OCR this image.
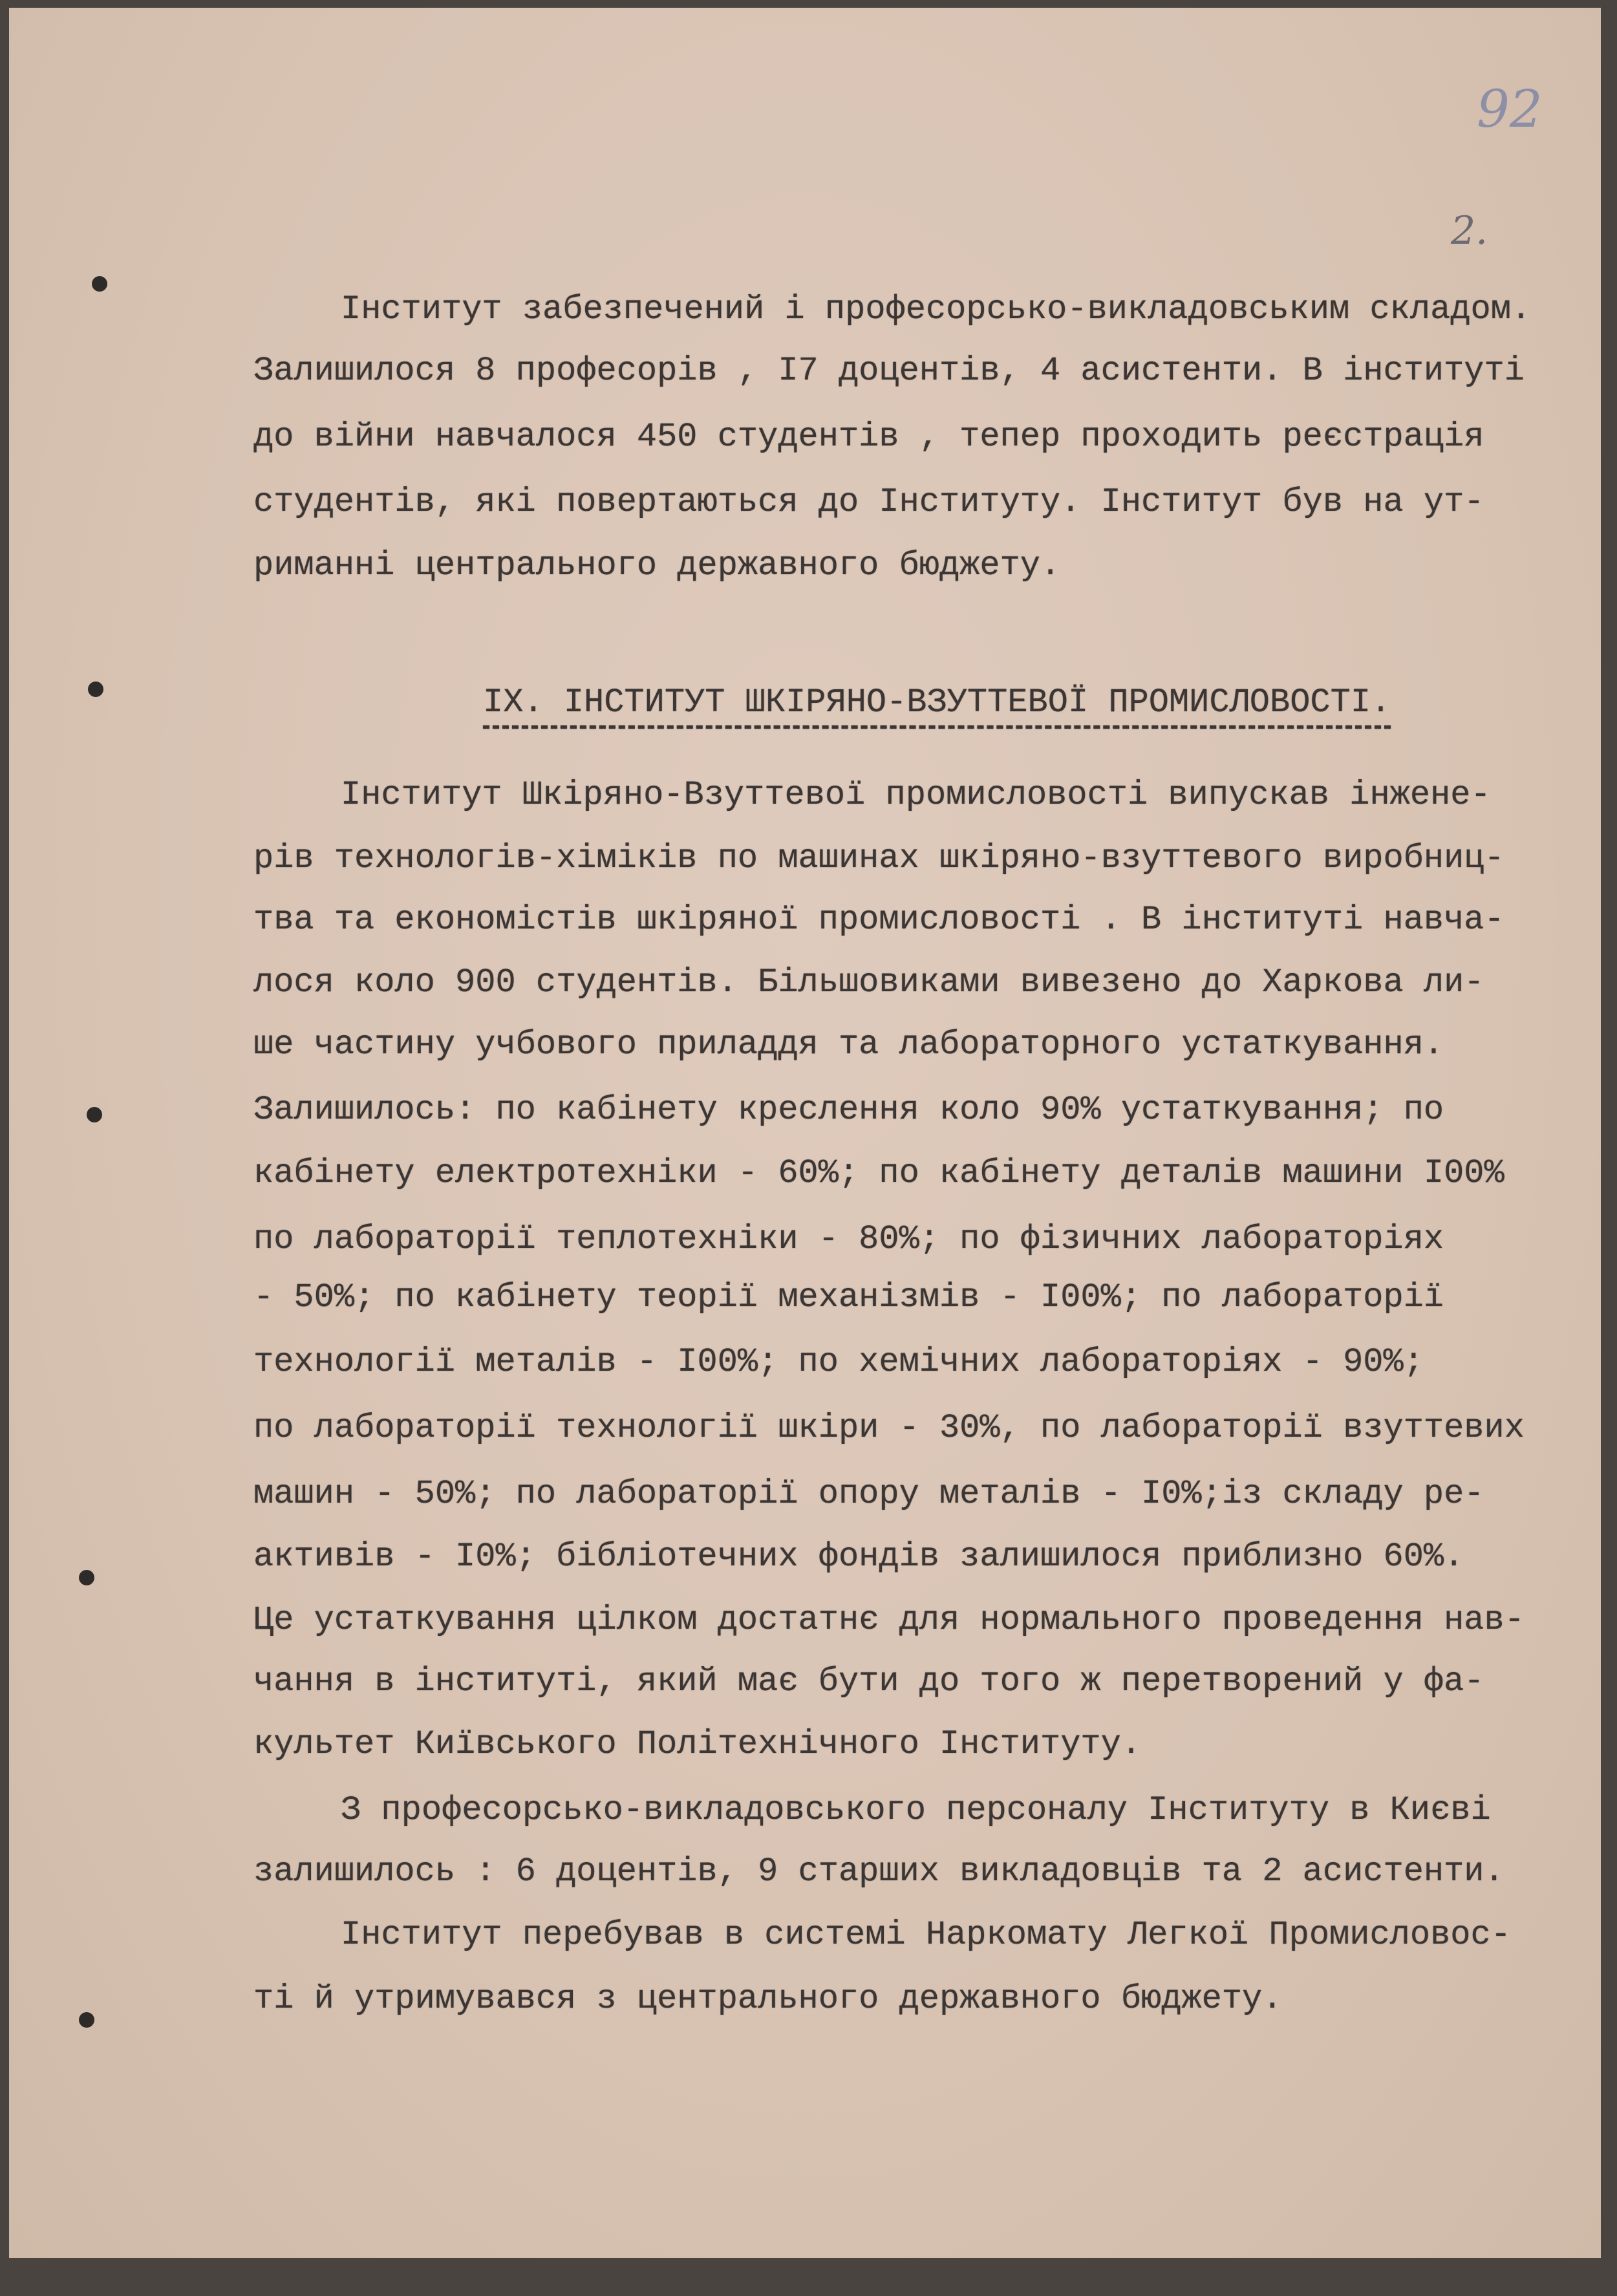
92
2.
Інститут забезпечений і професорсько-викладовським складом.
Залишилося 8 професорів , I7 доцентів, 4 асистенти. В інституті
до війни навчалося 450 студентів , тепер проходить реєстрація
студентів, які повертаються до Інституту. Інститут був на ут-
риманні центрального державного бюджету.
IX. ІНСТИТУТ ШКІРЯНО-ВЗУТТЕВОЇ ПРОМИСЛОВОСТІ.
Інститут Шкіряно-Взуттевої промисловості випускав інжене-
рів технологів-хіміків по машинах шкіряно-взуттевого виробниц-
тва та економістів шкіряної промисловості . В інституті навча-
лося коло 900 студентів. Більшовиками вивезено до Харкова ли-
ше частину учбового приладдя та лабораторного устаткування.
Залишилось: по кабінету креслення коло 90% устаткування; по
кабінету електротехніки - 60%; по кабінету деталів машини I00%
по лабораторії теплотехніки - 80%; по фізичних лабораторіях
- 50%; по кабінету теорії механізмів - I00%; по лабораторії
технології металів - I00%; по хемічних лабораторіях - 90%;
по лабораторії технології шкіри - 30%, по лабораторії взуттевих
машин - 50%; по лабораторії опору металів - I0%;із складу ре-
активів - I0%; бібліотечних фондів залишилося приблизно 60%.
Це устаткування цілком достатнє для нормального проведення нав-
чання в інституті, який має бути до того ж перетворений у фа-
культет Київського Політехнічного Інституту.
З професорсько-викладовського персоналу Інституту в Києві
залишилось : 6 доцентів, 9 старших викладовців та 2 асистенти.
Інститут перебував в системі Наркомату Легкої Промисловос-
ті й утримувався з центрального державного бюджету.
